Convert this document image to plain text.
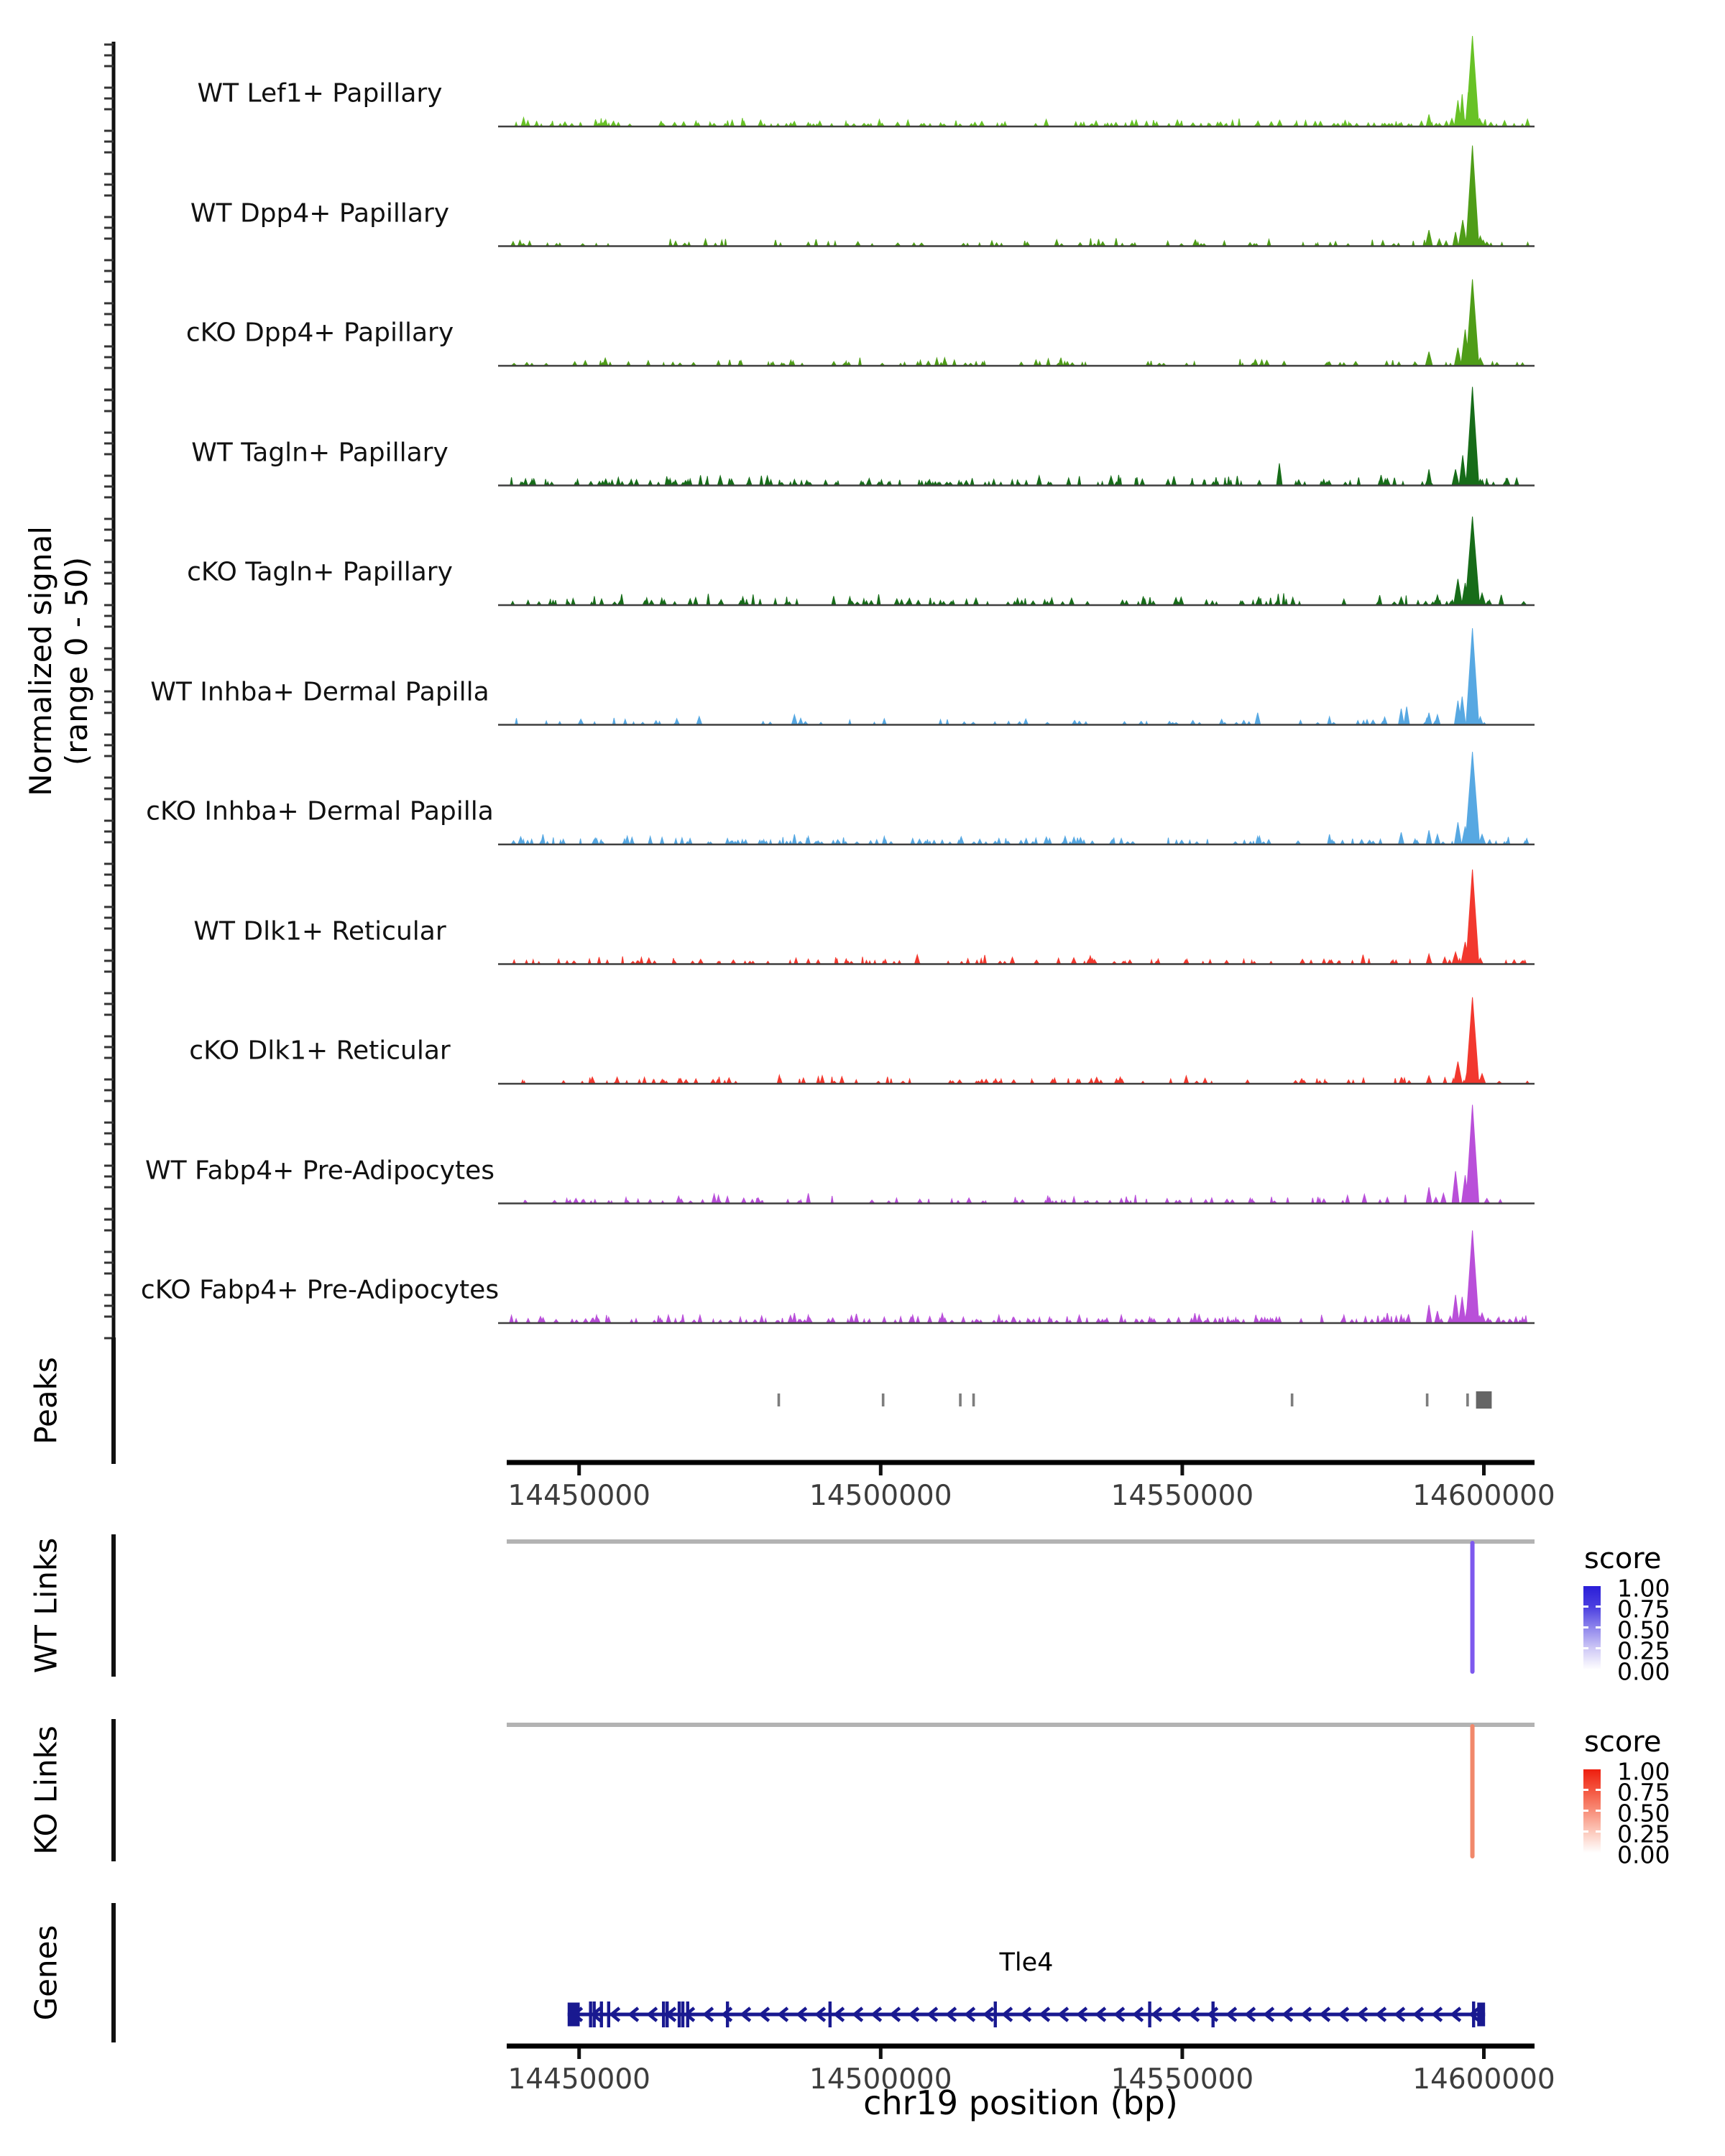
Normalized signal (range 0 - 50)
Peaks
WT Links
KO Links
Genes
chr19 position (bp)
Tle4
score
score
WT Lef1+ Papillary
WT Dpp4+ Papillary
cKO Dpp4+ Papillary
WT Tagln+ Papillary
cKO Tagln+ Papillary
WT Inhba+ Dermal Papilla
cKO Inhba+ Dermal Papilla
WT Dlk1+ Reticular
cKO Dlk1+ Reticular
WT Fabp4+ Pre-Adipocytes
cKO Fabp4+ Pre-Adipocytes
14450000	14500000	14550000	14600000
14450000	14500000	14550000	14600000
1.00
0.75
0.50
0.25
0.00
1.00
0.75
0.50
0.25
0.00
